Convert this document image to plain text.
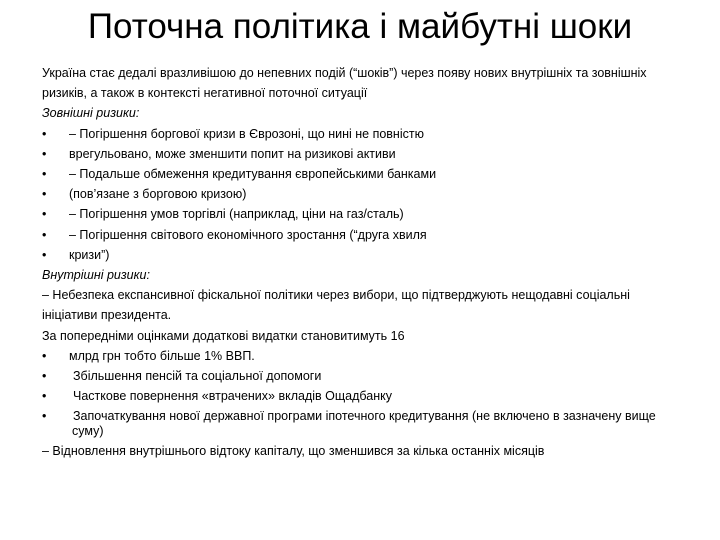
Поточна політика і майбутні шоки
Україна стає дедалі вразливішою до непевних подій (“шоків”) через появу нових внутрішніх та зовнішніх
ризиків, а також в контексті негативної поточної ситуації
Зовнішні ризики:
•	– Погіршення боргової кризи в Єврозоні, що нині не повністю
•	врегульовано, може зменшити попит на ризикові активи
•	– Подальше обмеження кредитування європейськими банками
•	(пов’язане з борговою кризою)
•	– Погіршення умов торгівлі (наприклад, ціни на газ/сталь)
•	– Погіршення світового економічного зростання (“друга хвиля
•	кризи”)
Внутрішні ризики:
– Небезпека експансивної фіскальної політики через вибори, що підтверджують нещодавні соціальні
ініціативи президента.
За попередніми оцінками додаткові видатки становитимуть 16
•	млрд грн тобто більше 1% ВВП.
•	Збільшення пенсій та соціальної допомоги
•	Часткове повернення «втрачених» вкладів Ощадбанку
•	Започаткування нової державної програми іпотечного кредитування (не включено в зазначену вище
суму)
– Відновлення внутрішнього відтоку капіталу, що зменшився за кілька останніх місяців
